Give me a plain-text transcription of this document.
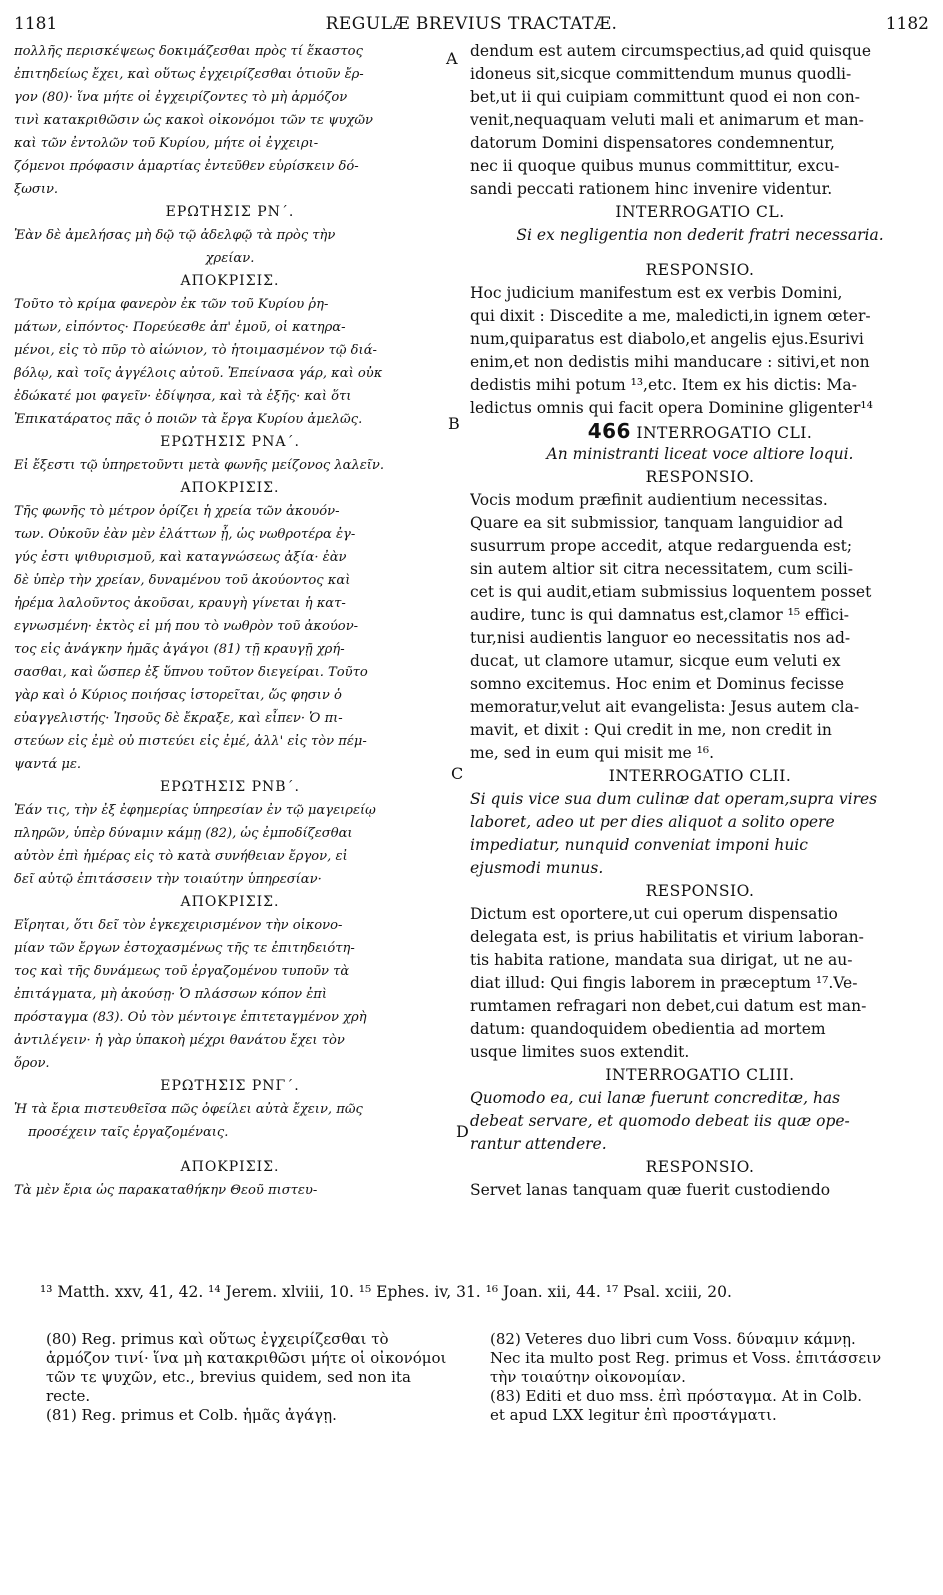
1181	REGULÆ BREVIUS TRACTATÆ.	1182
πολλῆς περισκέψεως δοκιμάζεσθαι πρὸς τί ἕκαστος
ἐπιτηδείως ἔχει, καὶ οὕτως ἐγχειρίζεσθαι ὁτιοῦν ἔρ-
γον (80)· ἵνα μήτε οἱ ἐγχειρίζοντες τὸ μὴ ἁρμόζον
τινὶ κατακριθῶσιν ὡς κακοὶ οἰκονόμοι τῶν τε ψυχῶν
καὶ τῶν ἐντολῶν τοῦ Κυρίου, μήτε οἱ ἐγχειρι-
ζόμενοι πρόφασιν ἁμαρτίας ἐντεῦθεν εὑρίσκειν δό-
ξωσιν.
ΕΡΩΤΗΣΙΣ ΡΝ΄.
Ἐὰν δὲ ἀμελήσας μὴ δῷ τῷ ἀδελφῷ τὰ πρὸς τὴν
χρείαν.
ΑΠΟΚΡΙΣΙΣ.
Τοῦτο τὸ κρίμα φανερὸν ἐκ τῶν τοῦ Κυρίου ῥη-
μάτων, εἰπόντος· Πορεύεσθε ἀπ' ἐμοῦ, οἱ κατηρα-
μένοι, εἰς τὸ πῦρ τὸ αἰώνιον, τὸ ἡτοιμασμένον τῷ διά-
βόλῳ, καὶ τοῖς ἀγγέλοις αὐτοῦ. Ἐπείνασα γάρ, καὶ οὐκ
ἐδώκατέ μοι φαγεῖν· ἐδίψησα, καὶ τὰ ἑξῆς· καὶ ὅτι
Ἐπικατάρατος πᾶς ὁ ποιῶν τὰ ἔργα Κυρίου ἀμελῶς.
ΕΡΩΤΗΣΙΣ ΡΝΑ΄.
Εἰ ἔξεστι τῷ ὑπηρετοῦντι μετὰ φωνῆς μείζονος λαλεῖν.
ΑΠΟΚΡΙΣΙΣ.
Τῆς φωνῆς τὸ μέτρον ὁρίζει ἡ χρεία τῶν ἀκουόν-
των. Οὐκοῦν ἐὰν μὲν ἐλάττων ᾖ, ὡς νωθροτέρα ἐγ-
γύς ἐστι ψιθυρισμοῦ, καὶ καταγνώσεως ἀξία· ἐὰν
δὲ ὑπὲρ τὴν χρείαν, δυναμένου τοῦ ἀκούοντος καὶ
ἠρέμα λαλοῦντος ἀκοῦσαι, κραυγὴ γίνεται ἡ κατ-
εγνωσμένη· ἐκτὸς εἰ μή που τὸ νωθρὸν τοῦ ἀκούον-
τος εἰς ἀνάγκην ἡμᾶς ἀγάγοι (81) τῇ κραυγῇ χρή-
σασθαι, καὶ ὥσπερ ἐξ ὕπνου τοῦτον διεγείραι. Τοῦτο
γὰρ καὶ ὁ Κύριος ποιήσας ἱστορεῖται, ὥς φησιν ὁ
εὐαγγελιστής· Ἰησοῦς δὲ ἔκραξε, καὶ εἶπεν· Ὁ πι-
στεύων εἰς ἐμὲ οὐ πιστεύει εἰς ἐμέ, ἀλλ' εἰς τὸν πέμ-
ψαντά με.
ΕΡΩΤΗΣΙΣ ΡΝΒ΄.
Ἐάν τις, τὴν ἐξ ἐφημερίας ὑπηρεσίαν ἐν τῷ μαγειρείῳ
πληρῶν, ὑπὲρ δύναμιν κάμῃ (82), ὡς ἐμποδίζεσθαι
αὐτὸν ἐπὶ ἡμέρας εἰς τὸ κατὰ συνήθειαν ἔργον, εἰ
δεῖ αὐτῷ ἐπιτάσσειν τὴν τοιαύτην ὑπηρεσίαν·
ΑΠΟΚΡΙΣΙΣ.
Εἴρηται, ὅτι δεῖ τὸν ἐγκεχειρισμένον τὴν οἰκονο-
μίαν τῶν ἔργων ἐστοχασμένως τῆς τε ἐπιτηδειότη-
τος καὶ τῆς δυνάμεως τοῦ ἐργαζομένου τυποῦν τὰ
ἐπιτάγματα, μὴ ἀκούσῃ· Ὁ πλάσσων κόπον ἐπὶ
πρόσταγμα (83). Οὐ τὸν μέντοιγε ἐπιτεταγμένον χρὴ
ἀντιλέγειν· ἡ γὰρ ὑπακοὴ μέχρι θανάτου ἔχει τὸν
ὅρον.
ΕΡΩΤΗΣΙΣ ΡΝΓ΄.
Ἡ τὰ ἔρια πιστευθεῖσα πῶς ὀφείλει αὐτὰ ἔχειν, πῶς
προσέχειν ταῖς ἐργαζομέναις.
ΑΠΟΚΡΙΣΙΣ.
Τὰ μὲν ἔρια ὡς παρακαταθήκην Θεοῦ πιστευ-
dendum est autem circumspectius,ad quid quisque
idoneus sit,sicque committendum munus quodli-
bet,ut ii qui cuipiam committunt quod ei non con-
venit,nequaquam veluti mali et animarum et man-
datorum Domini dispensatores condemnentur,
nec ii quoque quibus munus committitur, excu-
sandi peccati rationem hinc invenire videntur.
INTERROGATIO CL.
Si ex negligentia non dederit fratri necessaria.
RESPONSIO.
Hoc judicium manifestum est ex verbis Domini,
qui dixit : Discedite a me, maledicti,in ignem œter-
num,quiparatus est diabolo,et angelis ejus.Esurivi
enim,et non dedistis mihi manducare : sitivi,et non
dedistis mihi potum ¹³,etc. Item ex his dictis: Ma-
ledictus omnis qui facit opera Dominine gligenter¹⁴
466 INTERROGATIO CLI.
An ministranti liceat voce altiore loqui.
RESPONSIO.
Vocis modum præfinit audientium necessitas.
Quare ea sit submissior, tanquam languidior ad
susurrum prope accedit, atque redarguenda est;
sin autem altior sit citra necessitatem, cum scili-
cet is qui audit,etiam submissius loquentem posset
audire, tunc is qui damnatus est,clamor ¹⁵ effici-
tur,nisi audientis languor eo necessitatis nos ad-
ducat, ut clamore utamur, sicque eum veluti ex
somno excitemus. Hoc enim et Dominus fecisse
memoratur,velut ait evangelista: Jesus autem cla-
mavit, et dixit : Qui credit in me, non credit in
me, sed in eum qui misit me ¹⁶.
INTERROGATIO CLII.
Si quis vice sua dum culinæ dat operam,supra vires
laboret, adeo ut per dies aliquot a solito opere
impediatur, nunquid conveniat imponi huic
ejusmodi munus.
RESPONSIO.
Dictum est oportere,ut cui operum dispensatio
delegata est, is prius habilitatis et virium laboran-
tis habita ratione, mandata sua dirigat, ut ne au-
diat illud: Qui fingis laborem in præceptum ¹⁷.Ve-
rumtamen refragari non debet,cui datum est man-
datum: quandoquidem obedientia ad mortem
usque limites suos extendit.
INTERROGATIO CLIII.
Quomodo ea, cui lanæ fuerunt concreditæ, has
debeat servare, et quomodo debeat iis quæ ope-
rantur attendere.
RESPONSIO.
Servet lanas tanquam quæ fuerit custodiendo
A
B
C
D
¹³ Matth. xxv, 41, 42. ¹⁴ Jerem. xlviii, 10. ¹⁵ Ephes. iv, 31. ¹⁶ Joan. xii, 44. ¹⁷ Psal. xciii, 20.
(80) Reg. primus καὶ οὕτως ἐγχειρίζεσθαι τὸ
ἁρμόζον τινί· ἵνα μὴ κατακριθῶσι μήτε οἱ οἰκονόμοι
τῶν τε ψυχῶν, etc., brevius quidem, sed non ita
recte.
(81) Reg. primus et Colb. ἡμᾶς ἀγάγῃ.
(82) Veteres duo libri cum Voss. δύναμιν κάμνῃ.
Nec ita multo post Reg. primus et Voss. ἐπιτάσσειν
τὴν τοιαύτην οἰκονομίαν.
(83) Editi et duo mss. ἐπὶ πρόσταγμα. At in Colb.
et apud LXX legitur ἐπὶ προστάγματι.
